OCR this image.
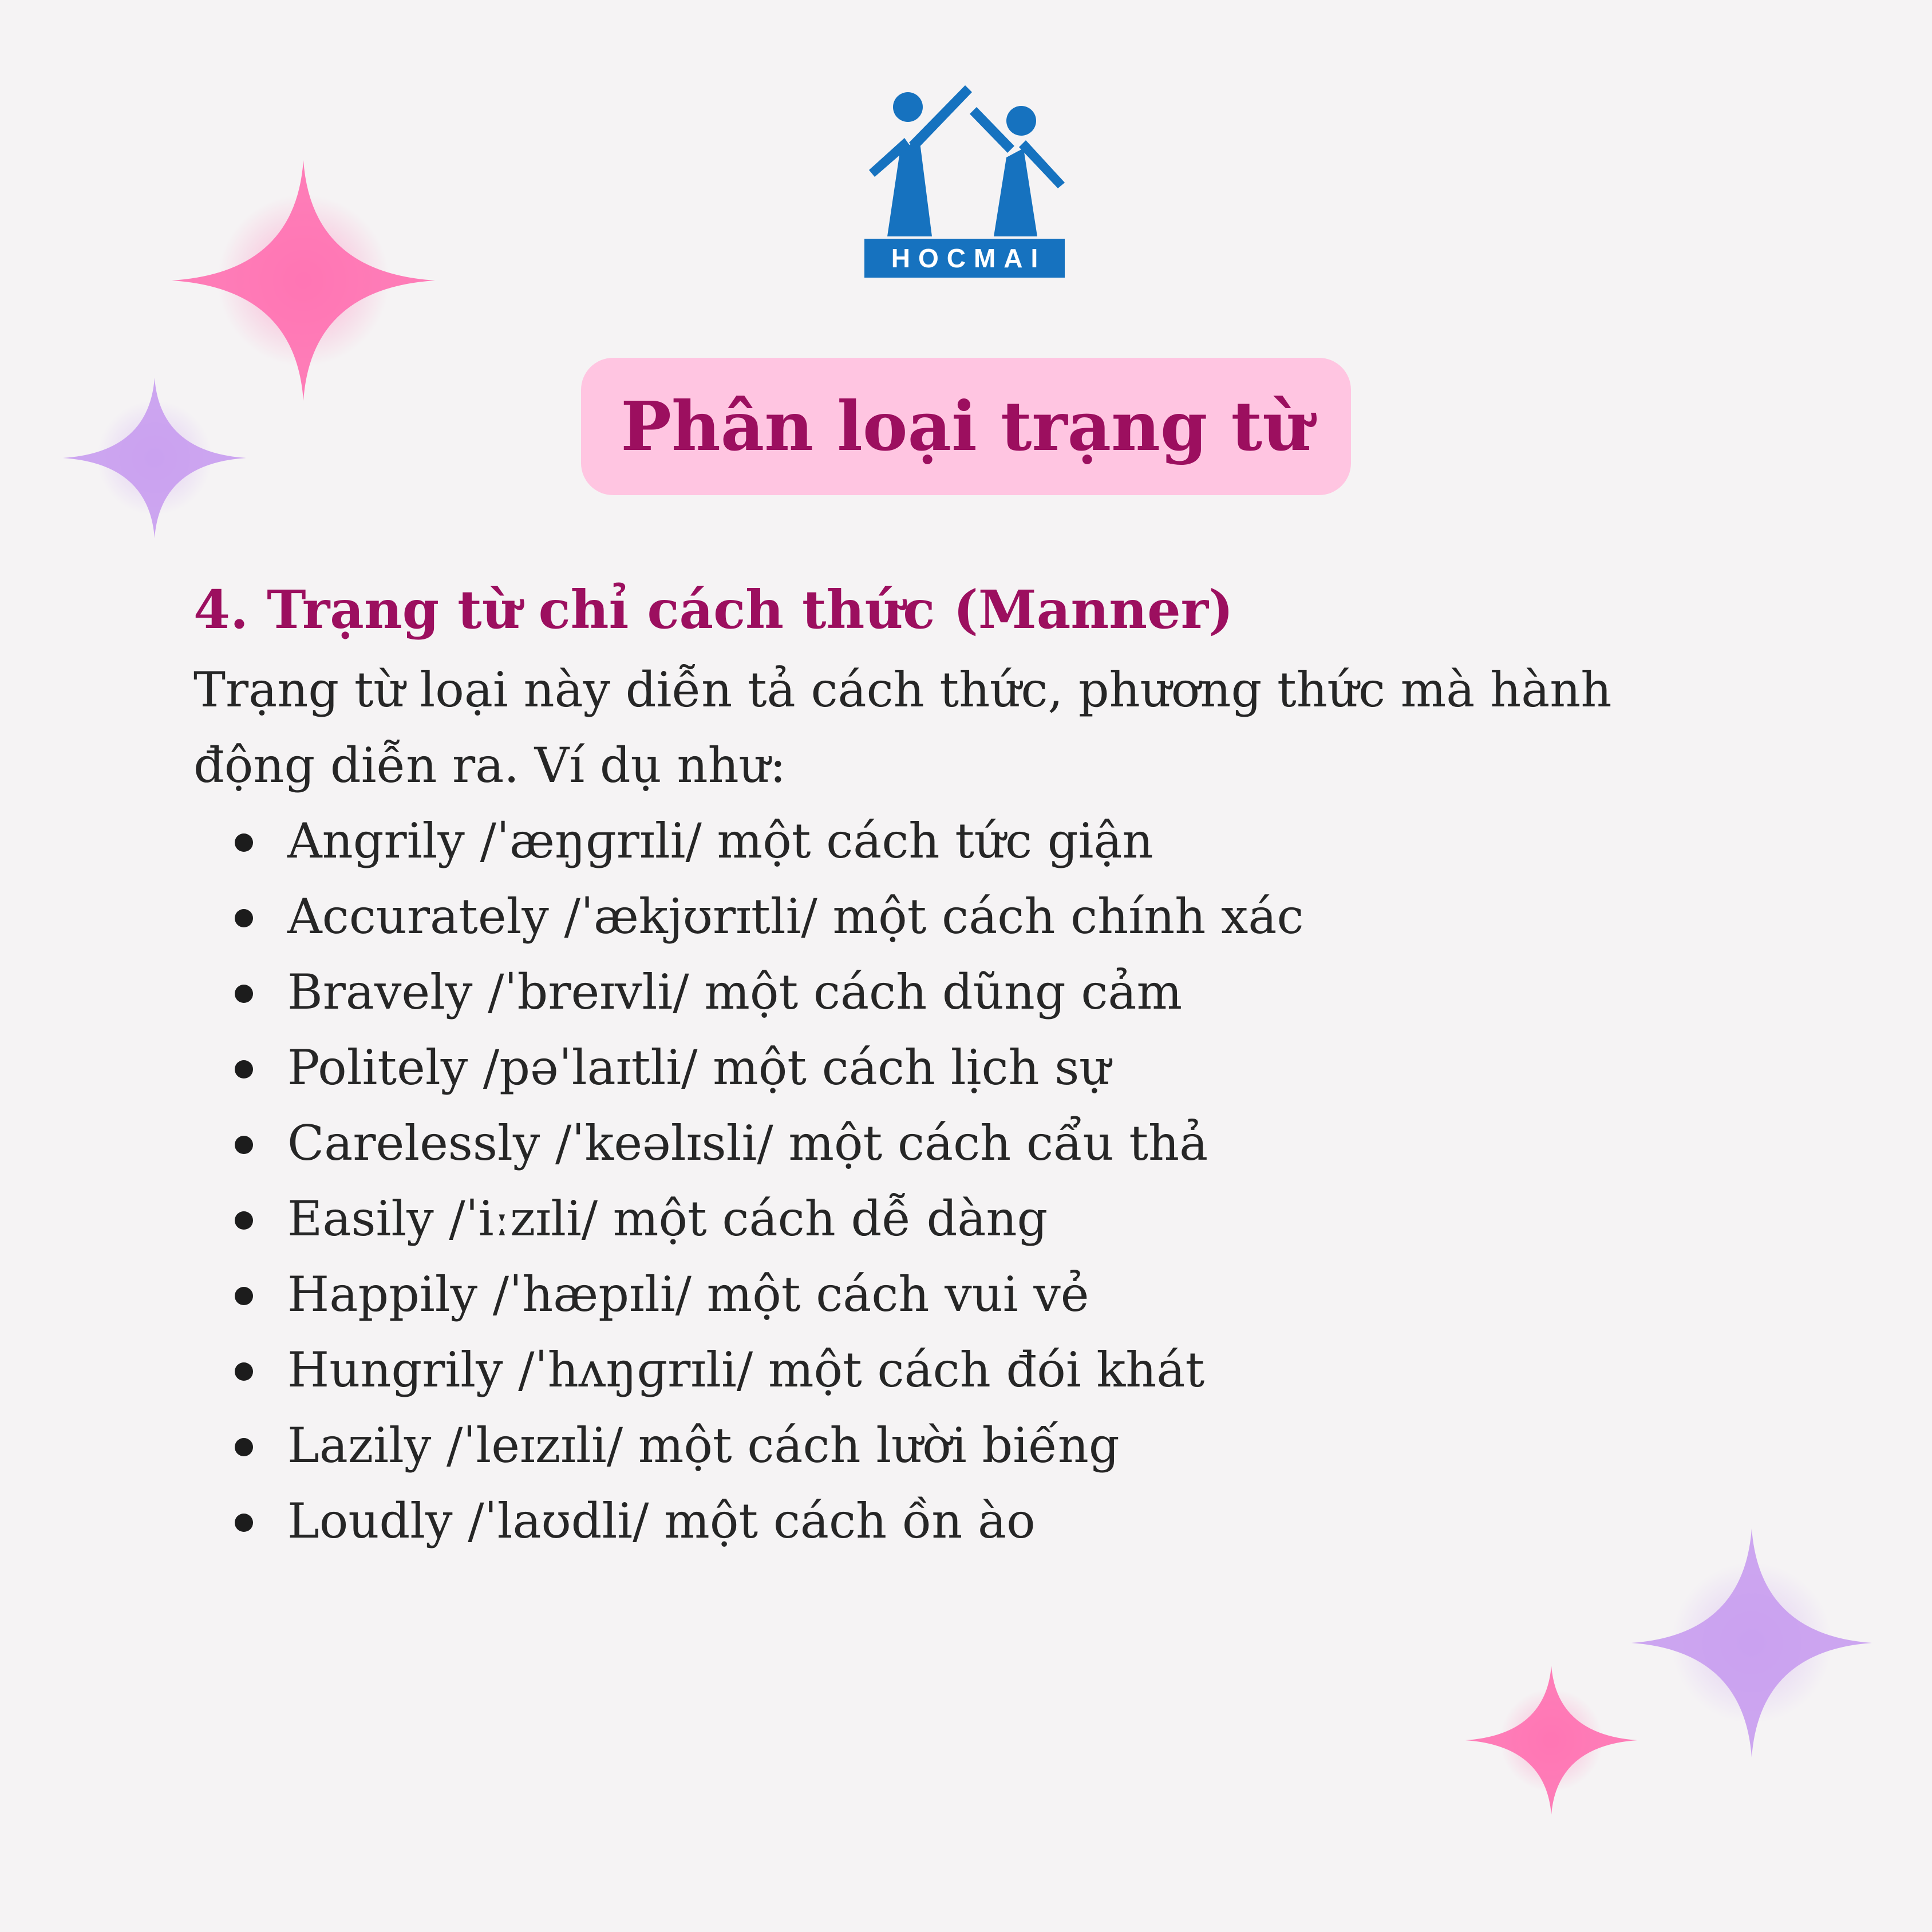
HOCMAI
Phân loại trạng từ
4. Trạng từ chỉ cách thức (Manner)

Trạng từ loại này diễn tả cách thức, phương thức mà hành động diễn ra. Ví dụ như:

Angrily /ˈæŋɡrɪli/ một cách tức giận
Accurately /ˈækjʊrɪtli/ một cách chính xác
Bravely /ˈbreɪvli/ một cách dũng cảm
Politely /pəˈlaɪtli/ một cách lịch sự
Carelessly /ˈkeəlɪsli/ một cách cẩu thả
Easily /ˈiːzɪli/ một cách dễ dàng
Happily /ˈhæpɪli/ một cách vui vẻ
Hungrily /ˈhʌŋɡrɪli/ một cách đói khát
Lazily /ˈleɪzɪli/ một cách lười biếng
Loudly /ˈlaʊdli/ một cách ồn ào
